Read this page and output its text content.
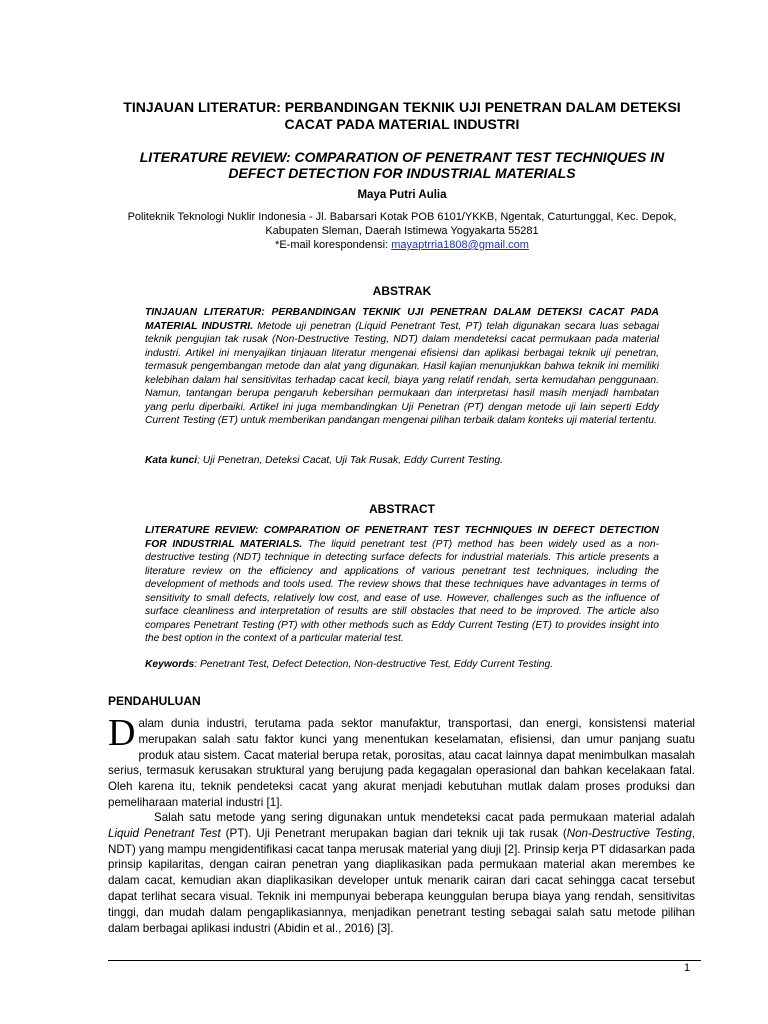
TINJAUAN LITERATUR: PERBANDINGAN TEKNIK UJI PENETRAN DALAM DETEKSI
CACAT PADA MATERIAL INDUSTRI
LITERATURE REVIEW: COMPARATION OF PENETRANT TEST TECHNIQUES IN
DEFECT DETECTION FOR INDUSTRIAL MATERIALS
Maya Putri Aulia
Politeknik Teknologi Nuklir Indonesia - Jl. Babarsari Kotak POB 6101/YKKB, Ngentak, Caturtunggal, Kec. Depok,
Kabupaten Sleman, Daerah Istimewa Yogyakarta 55281
*E-mail korespondensi: mayaptrria1808@gmail.com
ABSTRAK
TINJAUAN LITERATUR: PERBANDINGAN TEKNIK UJI PENETRAN DALAM DETEKSI CACAT PADA MATERIAL INDUSTRI. Metode uji penetran (Liquid Penetrant Test, PT) telah digunakan secara luas sebagai teknik pengujian tak rusak (Non-Destructive Testing, NDT) dalam mendeteksi cacat permukaan pada material industri. Artikel ini menyajikan tinjauan literatur mengenai efisiensi dan aplikasi berbagai teknik uji penetran, termasuk pengembangan metode dan alat yang digunakan. Hasil kajian menunjukkan bahwa teknik ini memiliki kelebihan dalam hal sensitivitas terhadap cacat kecil, biaya yang relatif rendah, serta kemudahan penggunaan. Namun, tantangan berupa pengaruh kebersihan permukaan dan interpretasi hasil masih menjadi hambatan yang perlu diperbaiki. Artikel ini juga membandingkan Uji Penetran (PT) dengan metode uji lain seperti Eddy Current Testing (ET) untuk memberikan pandangan mengenai pilihan terbaik dalam konteks uji material tertentu.
Kata kunci; Uji Penetran, Deteksi Cacat, Uji Tak Rusak, Eddy Current Testing.
ABSTRACT
LITERATURE REVIEW: COMPARATION OF PENETRANT TEST TECHNIQUES IN DEFECT DETECTION FOR INDUSTRIAL MATERIALS. The liquid penetrant test (PT) method has been widely used as a non-destructive testing (NDT) technique in detecting surface defects for industrial materials. This article presents a literature review on the efficiency and applications of various penetrant test techniques, including the development of methods and tools used. The review shows that these techniques have advantages in terms of sensitivity to small defects, relatively low cost, and ease of use. However, challenges such as the influence of surface cleanliness and interpretation of results are still obstacles that need to be improved. The article also compares Penetrant Testing (PT) with other methods such as Eddy Current Testing (ET) to provides insight into the best option in the context of a particular material test.
Keywords: Penetrant Test, Defect Detection, Non-destructive Test, Eddy Current Testing.
PENDAHULUAN
Dalam dunia industri, terutama pada sektor manufaktur, transportasi, dan energi, konsistensi material merupakan salah satu faktor kunci yang menentukan keselamatan, efisiensi, dan umur panjang suatu produk atau sistem. Cacat material berupa retak, porositas, atau cacat lainnya dapat menimbulkan masalah serius, termasuk kerusakan struktural yang berujung pada kegagalan operasional dan bahkan kecelakaan fatal. Oleh karena itu, teknik pendeteksi cacat yang akurat menjadi kebutuhan mutlak dalam proses produksi dan pemeliharaan material industri [1].
Salah satu metode yang sering digunakan untuk mendeteksi cacat pada permukaan material adalah Liquid Penetrant Test (PT). Uji Penetrant merupakan bagian dari teknik uji tak rusak (Non-Destructive Testing, NDT) yang mampu mengidentifikasi cacat tanpa merusak material yang diuji [2]. Prinsip kerja PT didasarkan pada prinsip kapilaritas, dengan cairan penetran yang diaplikasikan pada permukaan material akan merembes ke dalam cacat, kemudian akan diaplikasikan developer untuk menarik cairan dari cacat sehingga cacat tersebut dapat terlihat secara visual. Teknik ini mempunyai beberapa keunggulan berupa biaya yang rendah, sensitivitas tinggi, dan mudah dalam pengaplikasiannya, menjadikan penetrant testing sebagai salah satu metode pilihan dalam berbagai aplikasi industri (Abidin et al., 2016) [3].
1
